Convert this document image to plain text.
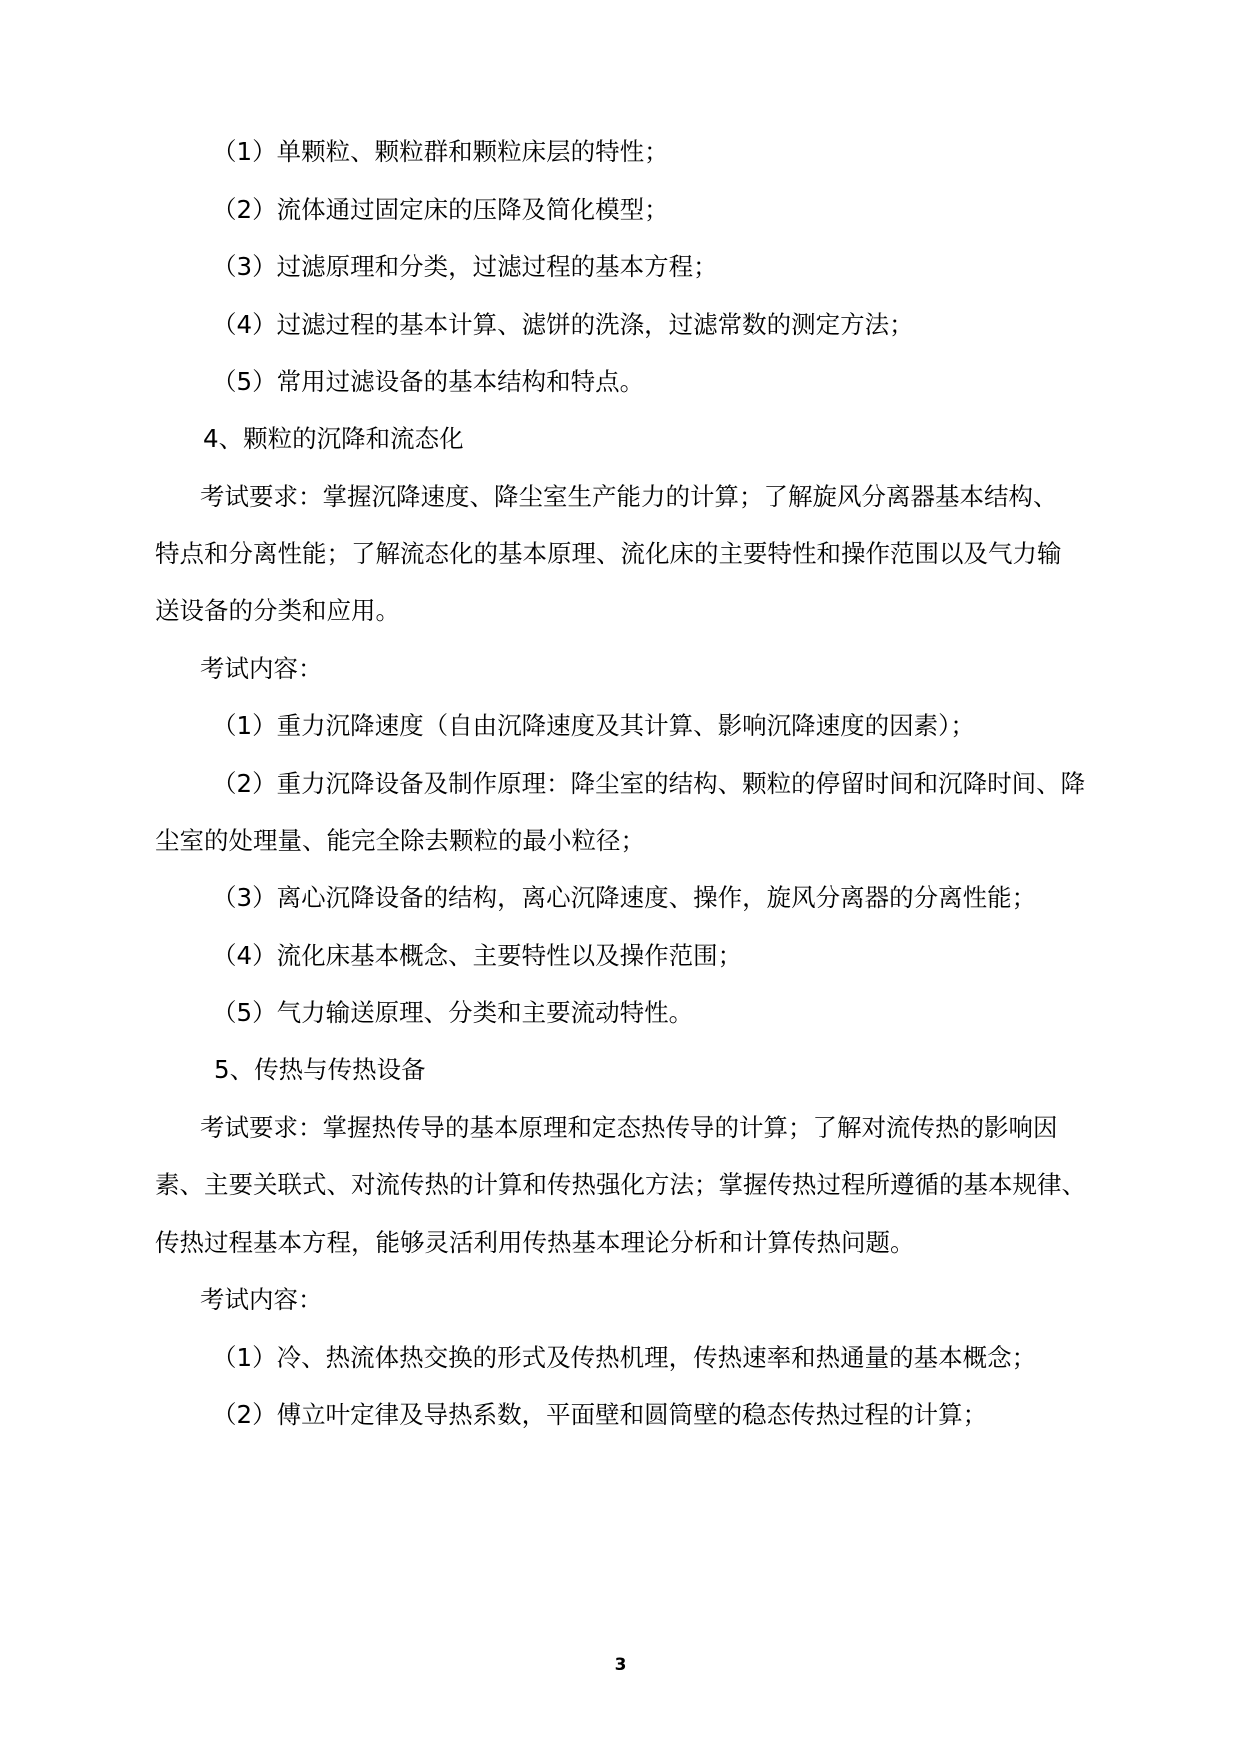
（1）单颗粒、颗粒群和颗粒床层的特性；
（2）流体通过固定床的压降及简化模型；
（3）过滤原理和分类，过滤过程的基本方程；
（4）过滤过程的基本计算、滤饼的洗涤，过滤常数的测定方法；
（5）常用过滤设备的基本结构和特点。
4、颗粒的沉降和流态化
考试要求：掌握沉降速度、降尘室生产能力的计算；了解旋风分离器基本结构、
特点和分离性能；了解流态化的基本原理、流化床的主要特性和操作范围以及气力输
送设备的分类和应用。
考试内容：
（1）重力沉降速度（自由沉降速度及其计算、影响沉降速度的因素）；
（2）重力沉降设备及制作原理：降尘室的结构、颗粒的停留时间和沉降时间、降
尘室的处理量、能完全除去颗粒的最小粒径；
（3）离心沉降设备的结构，离心沉降速度、操作，旋风分离器的分离性能；
（4）流化床基本概念、主要特性以及操作范围；
（5）气力输送原理、分类和主要流动特性。
5、传热与传热设备
考试要求：掌握热传导的基本原理和定态热传导的计算；了解对流传热的影响因
素、主要关联式、对流传热的计算和传热强化方法；掌握传热过程所遵循的基本规律、
传热过程基本方程，能够灵活利用传热基本理论分析和计算传热问题。
考试内容：
（1）冷、热流体热交换的形式及传热机理，传热速率和热通量的基本概念；
（2）傅立叶定律及导热系数，平面壁和圆筒壁的稳态传热过程的计算；
3
